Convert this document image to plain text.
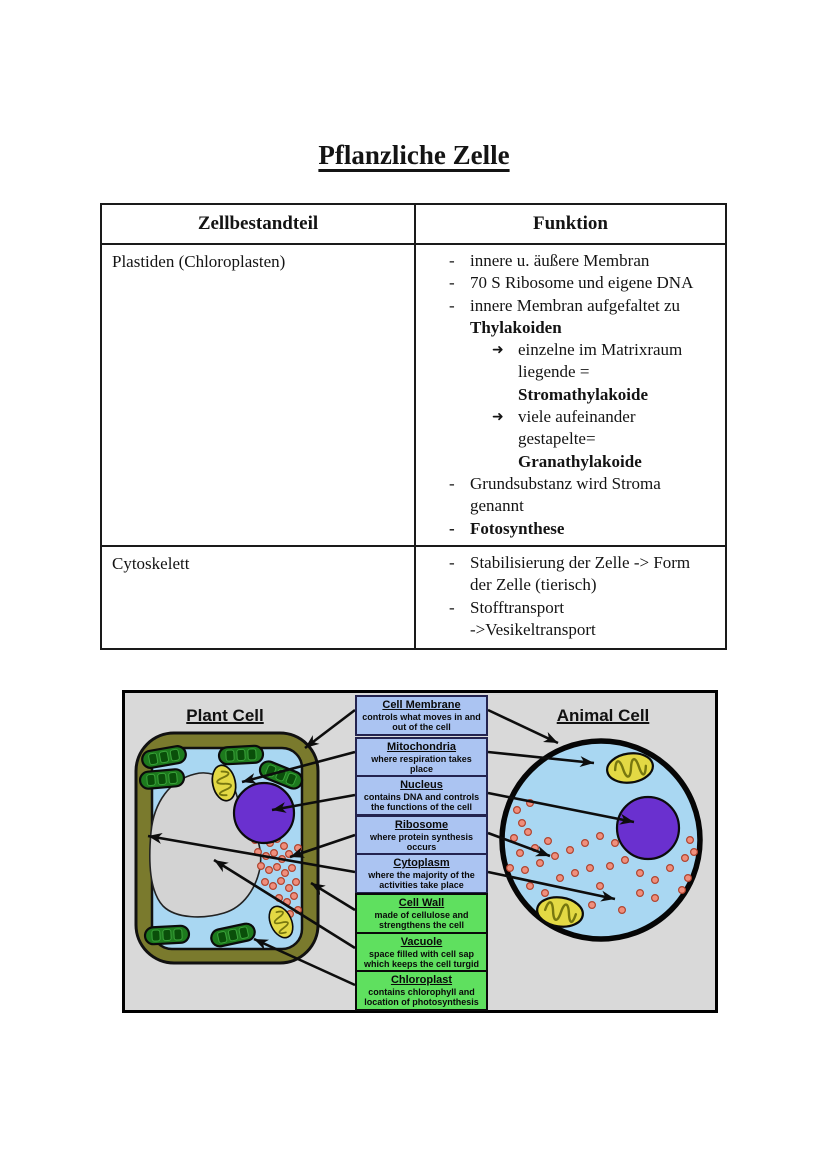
Pflanzliche Zelle
Zellbestandteil	Funktion
Plastiden (Chloroplasten)	- innere u. äußere Membran
- 70 S Ribosome und eigene DNA
- innere Membran aufgefaltet zu
Thylakoiden
➜ einzelne im Matrixraum
liegende =
Stromathylakoide
➜ viele aufeinander
gestapelte=
Granathylakoide
- Grundsubstanz wird Stroma
genannt
- Fotosynthese
Cytoskelett	- Stabilisierung der Zelle -> Form
der Zelle (tierisch)
- Stofftransport
->Vesikeltransport
Plant Cell	Animal Cell
Cell Membrane
controls what moves in and out of the cell
Mitochondria
where respiration takes place
Nucleus
contains DNA and controls the functions of the cell
Ribosome
where protein synthesis occurs
Cytoplasm
where the majority of the activities take place
Cell Wall
made of cellulose and strengthens the cell
Vacuole
space filled with cell sap which keeps the cell turgid
Chloroplast
contains chlorophyll and location of photosynthesis
